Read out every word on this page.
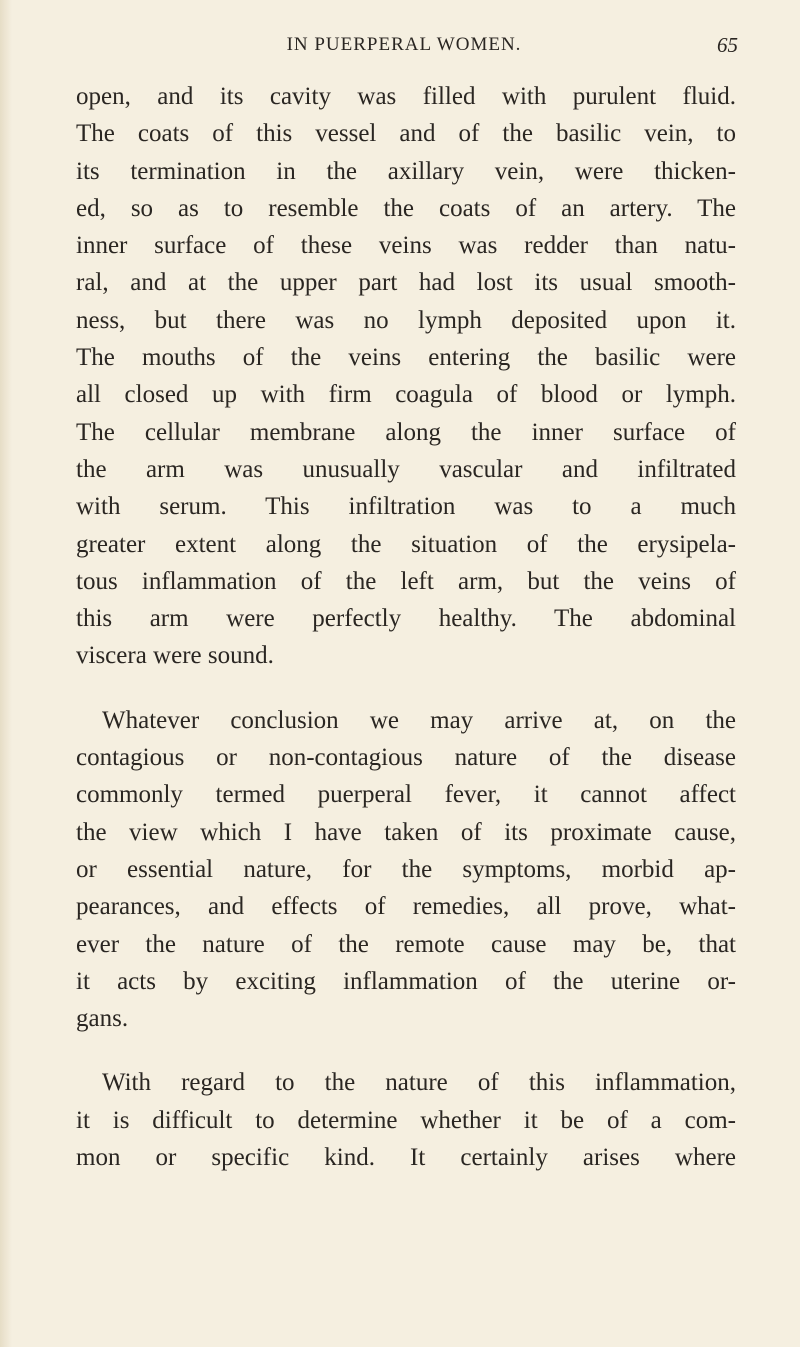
IN PUERPERAL WOMEN.	65

open, and its cavity was filled with purulent fluid.
The coats of this vessel and of the basilic vein, to
its termination in the axillary vein, were thicken-
ed, so as to resemble the coats of an artery. The
inner surface of these veins was redder than natu-
ral, and at the upper part had lost its usual smooth-
ness, but there was no lymph deposited upon it.
The mouths of the veins entering the basilic were
all closed up with firm coagula of blood or lymph.
The cellular membrane along the inner surface of
the arm was unusually vascular and infiltrated
with serum. This infiltration was to a much
greater extent along the situation of the erysipela-
tous inflammation of the left arm, but the veins of
this arm were perfectly healthy. The abdominal
viscera were sound.

Whatever conclusion we may arrive at, on the
contagious or non-contagious nature of the disease
commonly termed puerperal fever, it cannot affect
the view which I have taken of its proximate cause,
or essential nature, for the symptoms, morbid ap-
pearances, and effects of remedies, all prove, what-
ever the nature of the remote cause may be, that
it acts by exciting inflammation of the uterine or-
gans.

With regard to the nature of this inflammation,
it is difficult to determine whether it be of a com-
mon or specific kind. It certainly arises where
